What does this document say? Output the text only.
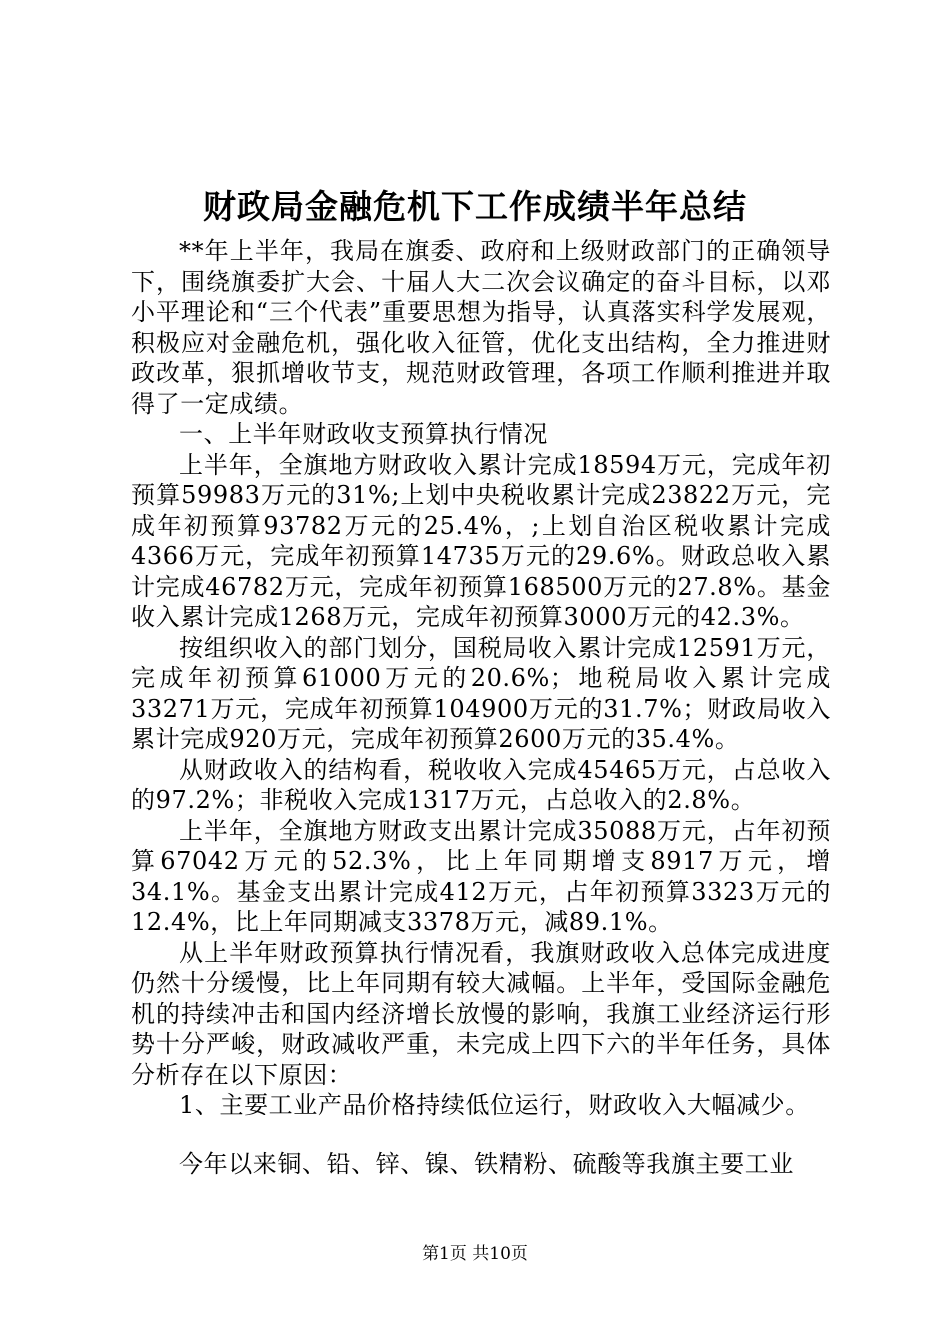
财政局金融危机下工作成绩半年总结

**年上半年，我局在旗委、政府和上级财政部门的正确领导下，围绕旗委扩大会、十届人大二次会议确定的奋斗目标，以邓小平理论和“三个代表”重要思想为指导，认真落实科学发展观，积极应对金融危机，强化收入征管，优化支出结构，全力推进财政改革，狠抓增收节支，规范财政管理，各项工作顺利推进并取得了一定成绩。

一、上半年财政收支预算执行情况

上半年，全旗地方财政收入累计完成18594万元，完成年初预算59983万元的31%;上划中央税收累计完成23822万元，完成年初预算93782万元的25.4%，;上划自治区税收累计完成4366万元，完成年初预算14735万元的29.6%。财政总收入累计完成46782万元，完成年初预算168500万元的27.8%。基金收入累计完成1268万元，完成年初预算3000万元的42.3%。

按组织收入的部门划分，国税局收入累计完成12591万元，完成年初预算61000万元的20.6%；地税局收入累计完成33271万元，完成年初预算104900万元的31.7%；财政局收入累计完成920万元，完成年初预算2600万元的35.4%。

从财政收入的结构看，税收收入完成45465万元，占总收入的97.2%；非税收入完成1317万元，占总收入的2.8%。

上半年，全旗地方财政支出累计完成35088万元，占年初预算67042万元的52.3%，比上年同期增支8917万元，增34.1%。基金支出累计完成412万元，占年初预算3323万元的12.4%，比上年同期减支3378万元，减89.1%。

从上半年财政预算执行情况看，我旗财政收入总体完成进度仍然十分缓慢，比上年同期有较大减幅。上半年，受国际金融危机的持续冲击和国内经济增长放慢的影响，我旗工业经济运行形势十分严峻，财政减收严重，未完成上四下六的半年任务，具体分析存在以下原因：

1、主要工业产品价格持续低位运行，财政收入大幅减少。

今年以来铜、铅、锌、镍、铁精粉、硫酸等我旗主要工业

第1页 共10页
